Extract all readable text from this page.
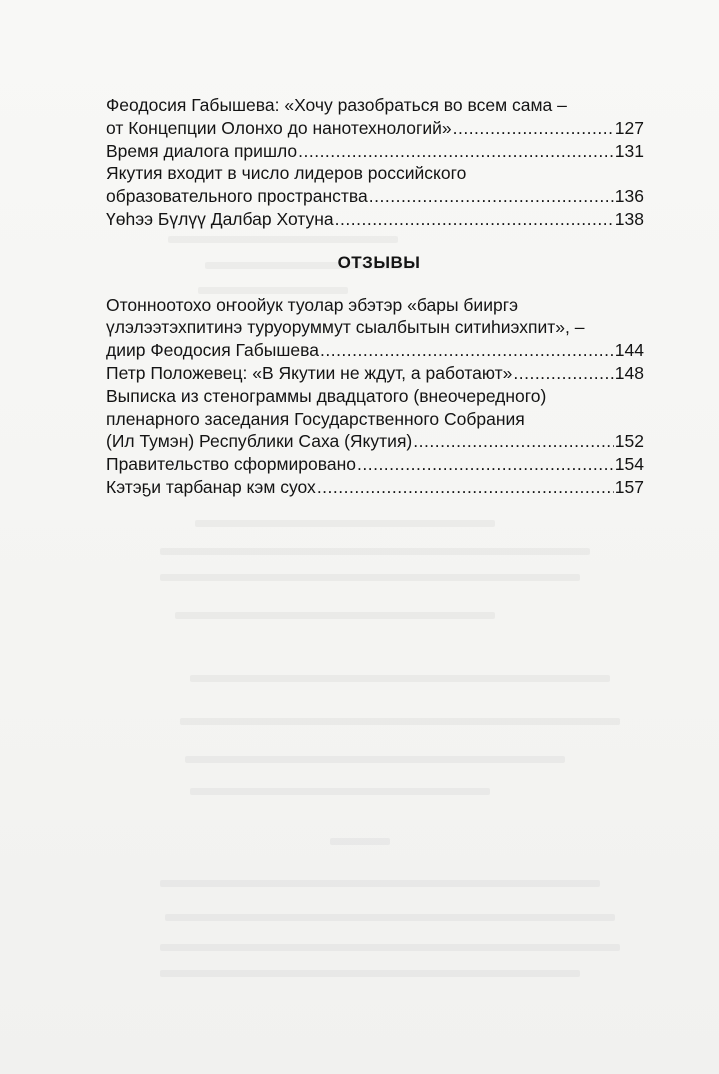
Феодосия Габышева: «Хочу разобраться во всем сама –
от Концепции Олонхо до нанотехнологий» .....	127
Время диалога пришло .....	131
Якутия входит в число лидеров российского
образовательного пространства .....	136
Үөһээ Бүлүү Далбар Хотуна .....	138
ОТЗЫВЫ
Отонноотохо оҥоойук туолар эбэтэр «бары бииргэ
үлэлээтэхпитинэ туруоруммут сыалбытын ситиһиэхпит», –
диир Феодосия Габышева .....	144
Петр Положевец: «В Якутии не ждут, а работают» .....	148
Выписка из стенограммы двадцатого (внеочередного)
пленарного заседания Государственного Собрания
(Ил Тумэн) Республики Саха (Якутия) .....	152
Правительство сформировано .....	154
Кэтэҕи тарбанар кэм суох .....	157
